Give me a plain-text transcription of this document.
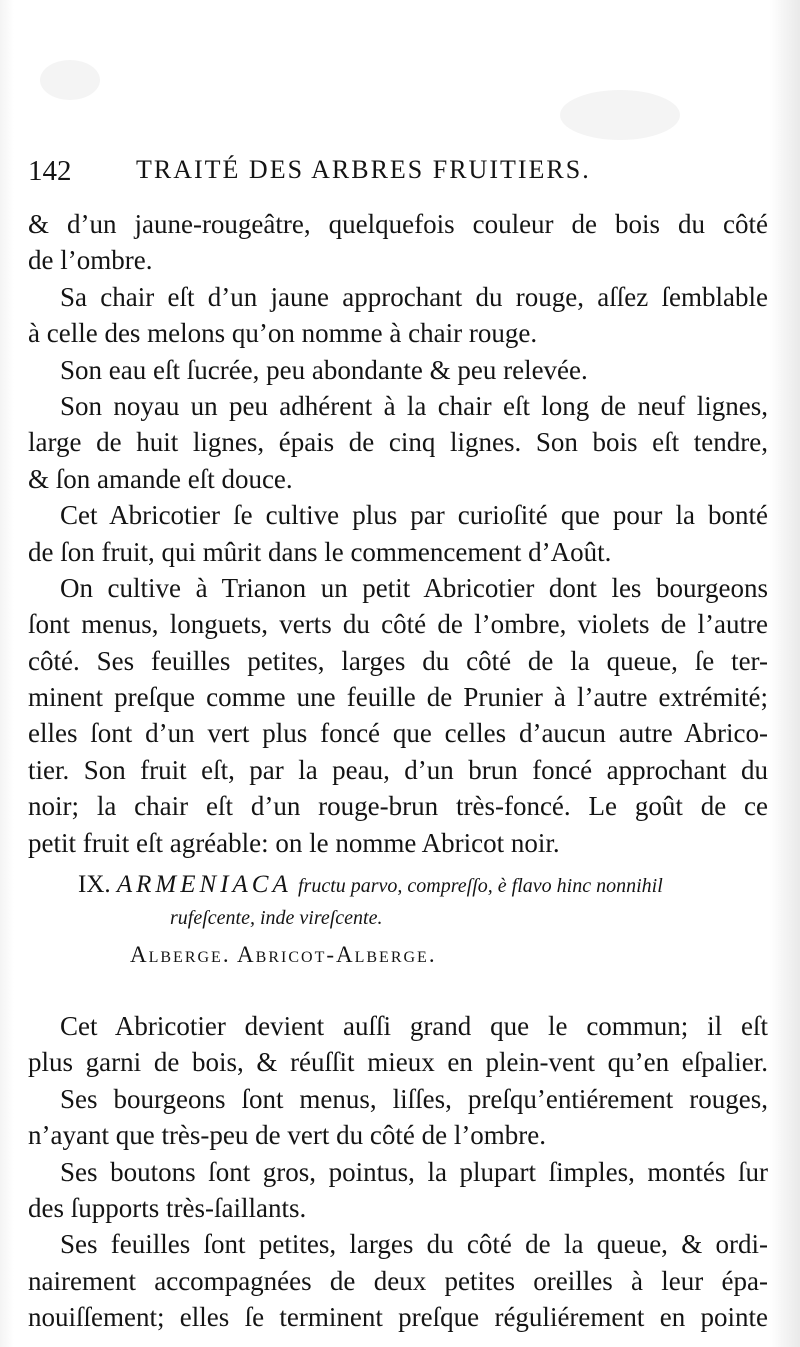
142 TRAITÉ DES ARBRES FRUITIERS.
& d’un jaune-rougeâtre, quelquefois couleur de bois du côté
de l’ombre.
Sa chair eſt d’un jaune approchant du rouge, aſſez ſemblable
à celle des melons qu’on nomme à chair rouge.
Son eau eſt ſucrée, peu abondante & peu relevée.
Son noyau un peu adhérent à la chair eſt long de neuf lignes,
large de huit lignes, épais de cinq lignes. Son bois eſt tendre,
& ſon amande eſt douce.
Cet Abricotier ſe cultive plus par curioſité que pour la bonté
de ſon fruit, qui mûrit dans le commencement d’Août.
On cultive à Trianon un petit Abricotier dont les bourgeons
ſont menus, longuets, verts du côté de l’ombre, violets de l’autre
côté. Ses feuilles petites, larges du côté de la queue, ſe ter-
minent preſque comme une feuille de Prunier à l’autre extrémité;
elles ſont d’un vert plus foncé que celles d’aucun autre Abrico-
tier. Son fruit eſt, par la peau, d’un brun foncé approchant du
noir; la chair eſt d’un rouge-brun très-foncé. Le goût de ce
petit fruit eſt agréable: on le nomme Abricot noir.
IX. ARMENIACA fructu parvo, compreſſo, è flavo hinc nonnihil
rufeſcente, inde vireſcente.
Alberge. Abricot-Alberge.
Cet Abricotier devient auſſi grand que le commun; il eſt
plus garni de bois, & réuſſit mieux en plein-vent qu’en eſpalier.
Ses bourgeons ſont menus, liſſes, preſqu’entiérement rouges,
n’ayant que très-peu de vert du côté de l’ombre.
Ses boutons ſont gros, pointus, la plupart ſimples, montés ſur
des ſupports très-ſaillants.
Ses feuilles ſont petites, larges du côté de la queue, & ordi-
nairement accompagnées de deux petites oreilles à leur épa-
nouiſſement; elles ſe terminent preſque réguliérement en pointe
